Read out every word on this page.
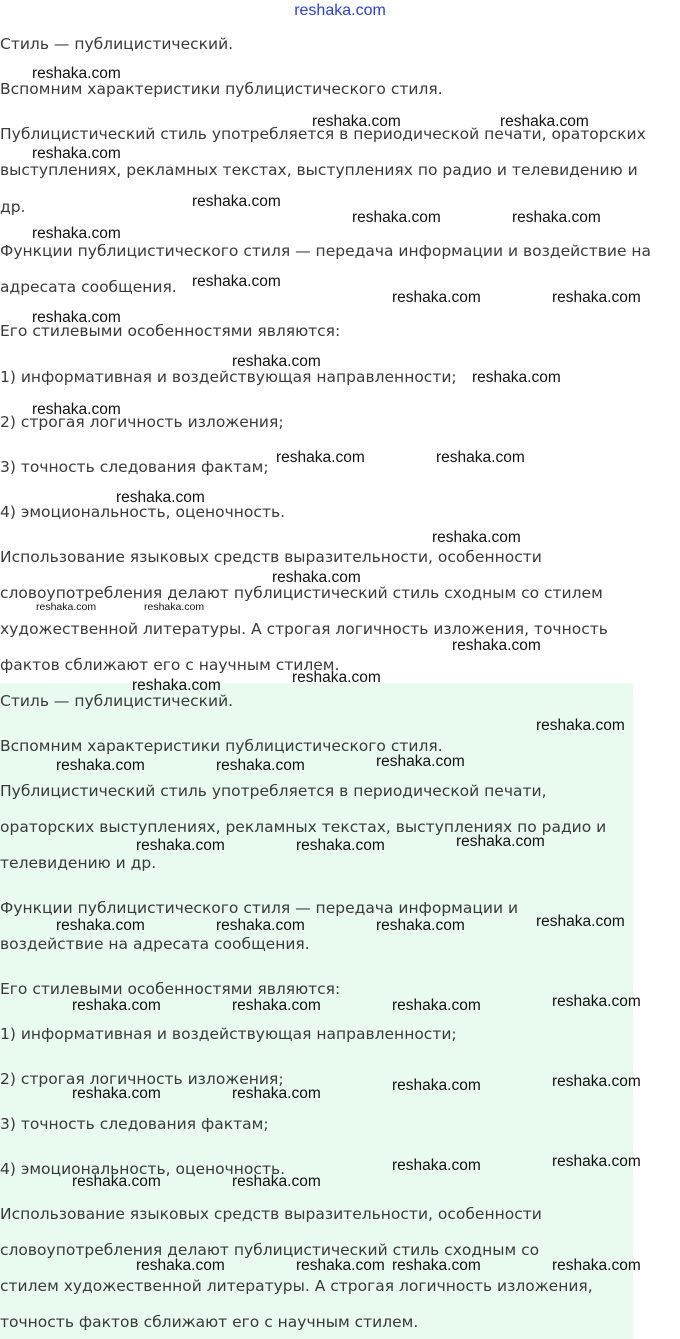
reshaka.com

Стиль — публицистический.

Вспомним характеристики публицистического стиля.

Публицистический стиль употребляется в периодической печати, ораторских

выступлениях, рекламных текстах, выступлениях по радио и телевидению и

др.

Функции публицистического стиля — передача информации и воздействие на

адресата сообщения.

Его стилевыми особенностями являются:

1) информативная и воздействующая направленности;

2) строгая логичность изложения;

3) точность следования фактам;

4) эмоциональность, оценочность.

Использование языковых средств выразительности, особенности

словоупотребления делают публицистический стиль сходным со стилем

художественной литературы. А строгая логичность изложения, точность

фактов сближают его с научным стилем.

Стиль — публицистический.

Вспомним характеристики публицистического стиля.

Публицистический стиль употребляется в периодической печати,

ораторских выступлениях, рекламных текстах, выступлениях по радио и

телевидению и др.

Функции публицистического стиля — передача информации и

воздействие на адресата сообщения.

Его стилевыми особенностями являются:

1) информативная и воздействующая направленности;

2) строгая логичность изложения;

3) точность следования фактам;

4) эмоциональность, оценочность.

Использование языковых средств выразительности, особенности

словоупотребления делают публицистический стиль сходным со

стилем художественной литературы. А строгая логичность изложения,

точность фактов сближают его с научным стилем.

reshaka.com
reshaka.com	reshaka.com
reshaka.com
reshaka.com
reshaka.com	reshaka.com
reshaka.com
reshaka.com
reshaka.com
reshaka.com	reshaka.com
reshaka.com
reshaka.com
reshaka.com
reshaka.com	reshaka.com
reshaka.com
reshaka.com
reshaka.com
reshaka.com
reshaka.com
reshaka.com
reshaka.com
reshaka.com	reshaka.com	reshaka.com
reshaka.com	reshaka.com	reshaka.com
reshaka.com	reshaka.com	reshaka.com	reshaka.com
reshaka.com	reshaka.com	reshaka.com	reshaka.com
reshaka.com	reshaka.com	reshaka.com	reshaka.com
reshaka.com	reshaka.com
reshaka.com	reshaka.com
reshaka.com	reshaka.com reshaka.com	reshaka.com
reshaka.com	reshaka.com
